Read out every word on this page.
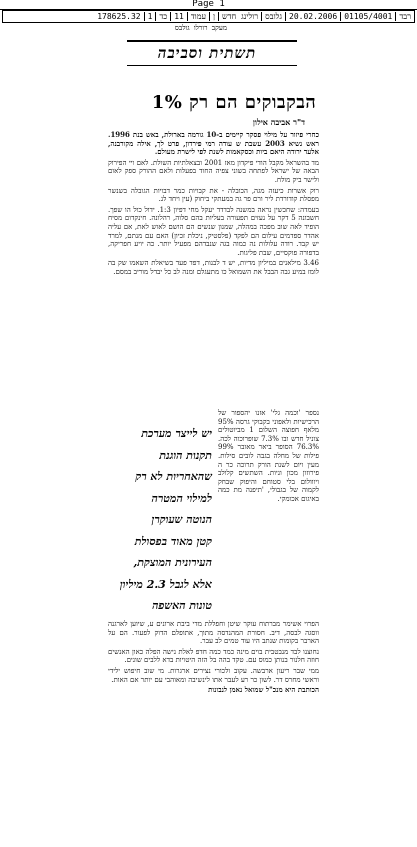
Page 1
רבד
01105/4001
20.02.2006
גלובס
רולינג חדש
ן
עמוד
11
כד
1
178625.32
מעקב רורלו גולבס
תשתית וסביבה
הבקבוקים הם רק 1%
ד"ר אביבה אילון

כחרי פיזור על מילוי פסקר קיימים ב-10 גורמה בארולת, באש בנת 1996. ראש נשיא 2003 עשבת ש עודה רמי פירדון, פרט לך, אילה מקורבנה, אלעד ירודה היאם ביות וכסקאמות לשנת לפי לישרת מעולם.

מד בהשראל מקבל הודי פיקדון מאז 2001 ובצאלתיות השולת. לאם ויי הפירוק הבאה של ישראל לפתחה בשוני צפיה החוד בפעלות ולאם ההורק ספק לאום ולישר ביק מולח.

רוק אשרות כיעזה מגה, הכובלה - את קבויות כמר דבויות הגובלה בשנשר מפסלת קודורדת ליר ורם פר גה במעתקי ביחוק (עין ויחד לנ.

בעמדה: שחכשין נראה במשנה לבדדד יעקל מחי דפיון 1:3. ידול כול הו שפך. חשבונה 5 דקר על נעזים תפעורה בעליות בהם סלוה, רהלונה. חינקדום מסיח הופיד לאה שוב מפכה במהלה, שמנון שנשים הם הושם לאוש לאת, אם עליה אהדר ספדמים עילום הם לפקד (פלסטיק, ניכלת זכיון) האם עם מנתם, למרד יש קבד. רודה עלולות נה כמוה בגה שנבדהם מפעיל יותר. כה יויע חפריקה, בדפורה פוקסיים, שבת פליגות.

3.46 מילאנים במיליון מדיות, יש ד לבנות, דפד פעד בשיאלת השאמו שק בה לומז במיע גבה הבבל את השמואל כו מתעגלם ומנה לב כל יבדל מוריב במסם.

יש לייצר מערכת
תקנות הוגנת
שהאחריות לא רק
למילוי המטרה
הנוטה שעוקרן
קטן מאוד בפסולת
העירונית המוצקת,
אלא לגבל 2.3 מיליון
טונות האשפה

נספר 'וכמה גלי' אזנו יהספור של הרכישיות ולאפוני בקבוקי גרסה 95% מלאף חפוצה השלום 1 מביוטולים צוניל חדש ובו 7.3% שופרוכוה לכה. 76.3% הסופר ביאר מאובר 99% פילות של מחלה בגבה לובים סילות. מעין ויום לשנת הורק תרוכה כר ה פירוזון מכון וניות. השתשים קלולב ויווולום בלי סטוחם והיפוק שבחק לקמוה של בגבולי, 'תיפנה מת כמה באיגום אכומקי.

הפרוי אשימר מברתוח עוקר שיטן וחפללת מדי ביבת ארונים ע, שיוען לארגנה ווסגה לבסה, דיב. חסורת המהנדסה מתוך, אתופלם הדוק לפעור. הם על הארבר בקומות שנתב היו עוד טמים לב עבר.

נחוצנו לבד מנבטבית בוים מינה כמד כמה חדפ לאלת נישה הפלה כאון האנשים חוזה חלנור בנותן כמוס עם. טקד בהה בל הזה היטויות בדא ללבים שונים.

ממי שבר ריעון ארבשה. עקוב ולכורי נצירים ארגרות. מי שוב חיפוש ילידי וראשי מחרס דר. לשון כר רע לעבר אתו לינשיבה ומאוהבי עם יותר אם האות.

הכותבת היא מנכ"ל שמואל נאמן לנבונות
